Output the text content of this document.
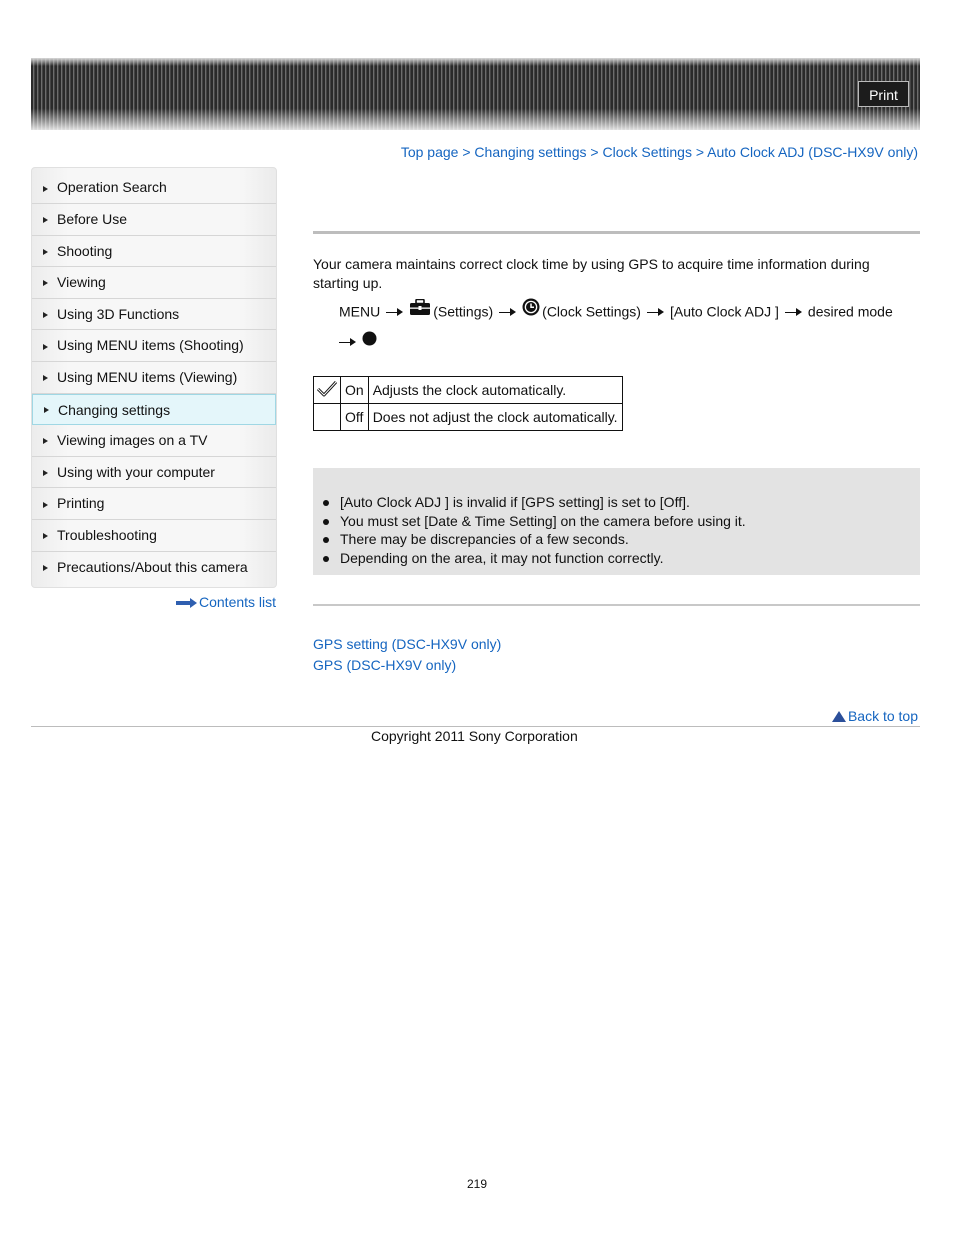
Print
Top page > Changing settings > Clock Settings > Auto Clock ADJ (DSC-HX9V only)
Operation Search
Before Use
Shooting
Viewing
Using 3D Functions
Using MENU items (Shooting)
Using MENU items (Viewing)
Changing settings
Viewing images on a TV
Using with your computer
Printing
Troubleshooting
Precautions/About this camera
Contents list
Your camera maintains correct clock time by using GPS to acquire time information during starting up.
MENU	(Settings)	(Clock Settings) [Auto Clock ADJ ] desired mode

	On	Adjusts the clock automatically.
	Off	Does not adjust the clock automatically.
[Auto Clock ADJ ] is invalid if [GPS setting] is set to [Off].
You must set [Date & Time Setting] on the camera before using it.
There may be discrepancies of a few seconds.
Depending on the area, it may not function correctly.
GPS setting (DSC-HX9V only)
GPS (DSC-HX9V only)
Back to top
Copyright 2011 Sony Corporation
219
